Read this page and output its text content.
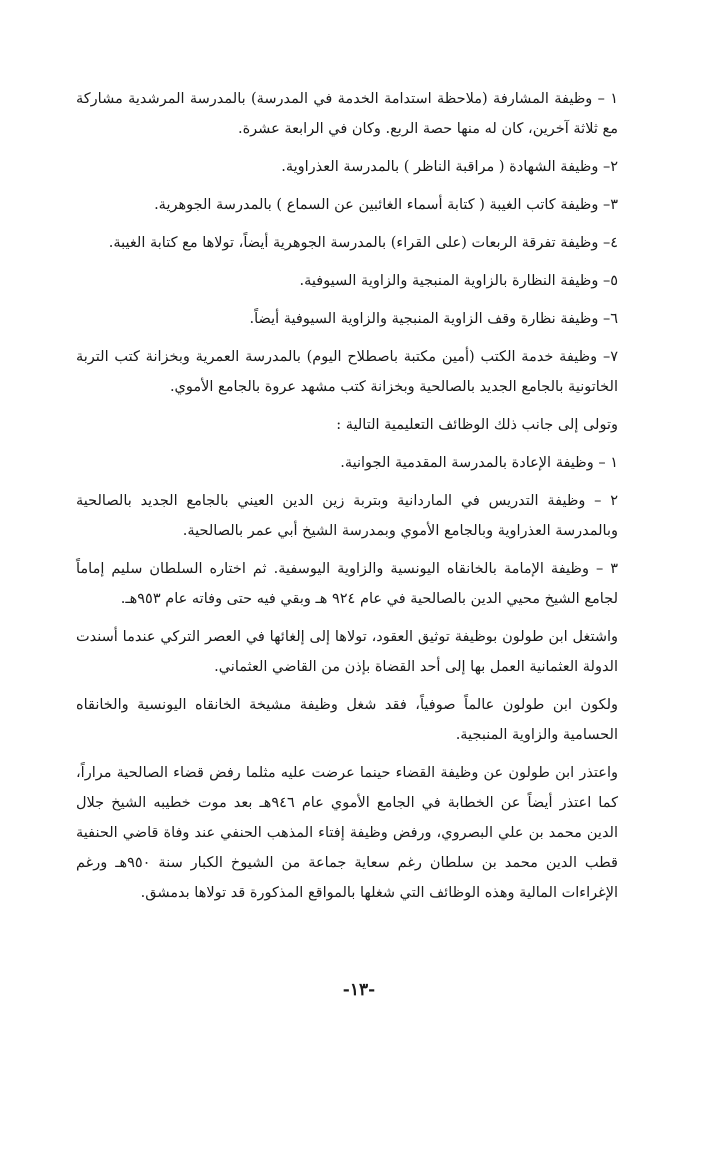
١ – وظيفة المشارفة (ملاحظة استدامة الخدمة في المدرسة) بالمدرسة المرشدية مشاركة مع ثلاثة آخرين، كان له منها حصة الربع. وكان في الرابعة عشرة.

٢– وظيفة الشهادة ( مراقبة الناظر ) بالمدرسة العذراوية.

٣– وظيفة كاتب الغيبة ( كتابة أسماء الغائبين عن السماع ) بالمدرسة الجوهرية.

٤– وظيفة تفرقة الربعات (على القراء) بالمدرسة الجوهرية أيضاً، تولاها مع كتابة الغيبة.

٥– وظيفة النظارة بالزاوية المنبجية والزاوية السيوفية.

٦– وظيفة نظارة وقف الزاوية المنبجية والزاوية السيوفية أيضاً.

٧– وظيفة خدمة الكتب (أمين مكتبة باصطلاح اليوم) بالمدرسة العمرية وبخزانة كتب التربة الخاتونية بالجامع الجديد بالصالحية وبخزانة كتب مشهد عروة بالجامع الأموي.

وتولى إلى جانب ذلك الوظائف التعليمية التالية :

١ – وظيفة الإعادة بالمدرسة المقدمية الجوانية.

٢ – وظيفة التدريس في الماردانية وبتربة زين الدين العيني بالجامع الجديد بالصالحية وبالمدرسة العذراوية وبالجامع الأموي وبمدرسة الشيخ أبي عمر بالصالحية.

٣ – وظيفة الإمامة بالخانقاه اليونسية والزاوية اليوسفية. ثم اختاره السلطان سليم إماماً لجامع الشيخ محيي الدين بالصالحية في عام ٩٢٤ هـ وبقي فيه حتى وفاته عام ٩٥٣هـ.

واشتغل ابن طولون بوظيفة توثيق العقود، تولاها إلى إلغائها في العصر التركي عندما أسندت الدولة العثمانية العمل بها إلى أحد القضاة بإذن من القاضي العثماني.

ولكون ابن طولون عالماً صوفياً، فقد شغل وظيفة مشيخة الخانقاه اليونسية والخانقاه الحسامية والزاوية المنبجية.

واعتذر ابن طولون عن وظيفة القضاء حينما عرضت عليه مثلما رفض قضاء الصالحية مراراً، كما اعتذر أيضاً عن الخطابة في الجامع الأموي عام ٩٤٦هـ بعد موت خطيبه الشيخ جلال الدين محمد بن علي البصروي، ورفض وظيفة إفتاء المذهب الحنفي عند وفاة قاضي الحنفية قطب الدين محمد بن سلطان رغم سعاية جماعة من الشيوخ الكبار سنة ٩٥٠هـ ورغم الإغراءات المالية وهذه الوظائف التي شغلها بالمواقع المذكورة قد تولاها بدمشق.

-١٣-
